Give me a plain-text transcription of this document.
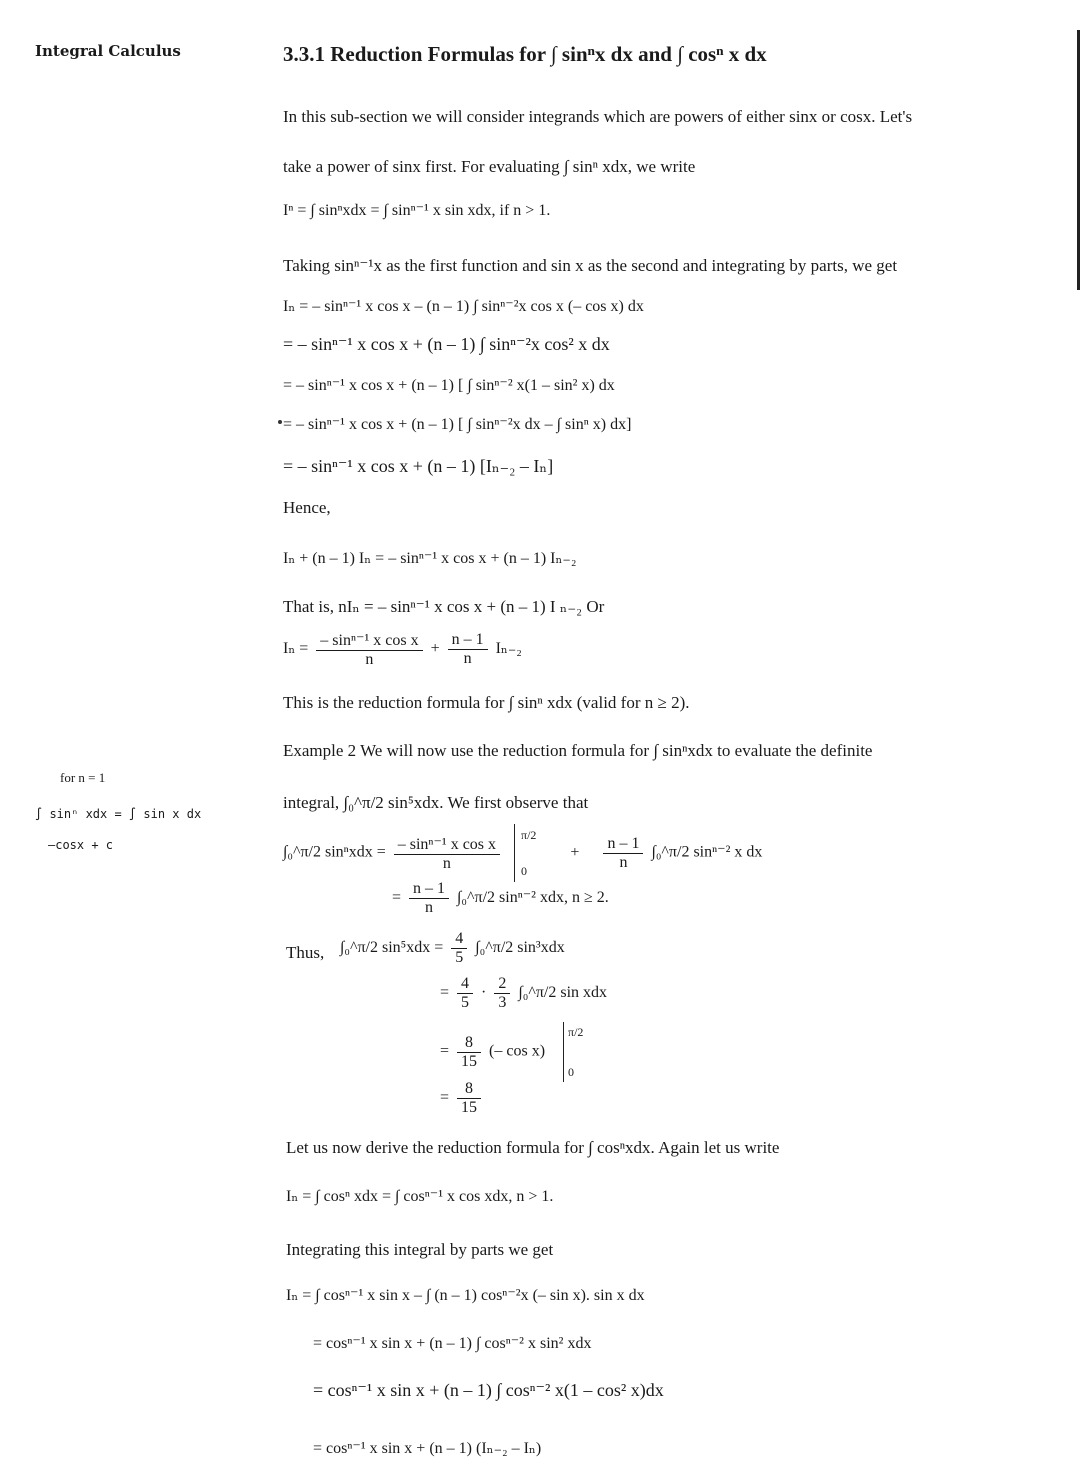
Integral Calculus	3.3.1 Reduction Formulas for ∫ sinⁿx dx and ∫ cosⁿ x dx
In this sub-section we will consider integrands which are powers of either sinx or cosx. Let's
take a power of sinx first. For evaluating ∫ sinⁿ xdx, we write
Iⁿ = ∫ sinⁿxdx = ∫ sinⁿ⁻¹ x sin xdx, if n > 1.
Taking sinⁿ⁻¹x as the first function and sin x as the second and integrating by parts, we get
Iₙ = – sinⁿ⁻¹ x cos x – (n – 1) ∫ sinⁿ⁻²x cos x (– cos x) dx
= – sinⁿ⁻¹ x cos x + (n – 1) ∫ sinⁿ⁻²x cos² x dx
= – sinⁿ⁻¹ x cos x + (n – 1) [ ∫ sinⁿ⁻² x(1 – sin² x) dx
= – sinⁿ⁻¹ x cos x + (n – 1) [ ∫ sinⁿ⁻²x dx – ∫ sinⁿ x) dx]
= – sinⁿ⁻¹ x cos x + (n – 1) [Iₙ₋₂ – Iₙ]
Hence,
Iₙ + (n – 1) Iₙ = – sinⁿ⁻¹ x cos x + (n – 1) Iₙ₋₂
That is, nIₙ = – sinⁿ⁻¹ x cos x + (n – 1) I ₙ₋₂ Or
$I_n = \frac{\text{– sinⁿ⁻¹ x cos x}}{n} + \frac{n - 1}{n} I_{n-2}$
This is the reduction formula for ∫ sinⁿ xdx (valid for n ≥ 2).
Example 2 We will now use the reduction formula for ∫ sinⁿxdx to evaluate the definite
integral, ∫₀^π/2 sin⁵xdx. We first observe that
∫₀^π/2 $\sin^nxdx = \frac{\text{– sinⁿ⁻¹ x cos x}}{n}$
π/2
0
+ $\frac{n - 1}{n}$ ∫₀^π/2 sinⁿ⁻² x dx
= $\frac{n - 1}{n}$ ∫₀^π/2 sinⁿ⁻² xdx, n ≥ 2.
Thus, ∫₀^π/2 $\sin^5xdx = \frac{4}{5}$ ∫₀^π/2 sin³xdx
= $\frac{4}{5} \cdot \frac{2}{3}$ ∫₀^π/2 sin xdx
= $\frac{8}{15}$ (– cos x)
π/2
0
= $\frac{8}{15}$
Let us now derive the reduction formula for ∫ cosⁿxdx. Again let us write
Iₙ = ∫ cosⁿ xdx = ∫ cosⁿ⁻¹ x cos xdx, n > 1.
Integrating this integral by parts we get
Iₙ = ∫ cosⁿ⁻¹ x sin x – ∫ (n – 1) cosⁿ⁻²x (– sin x). sin x dx
= cosⁿ⁻¹ x sin x + (n – 1) ∫ cosⁿ⁻² x sin² xdx
= cosⁿ⁻¹ x sin x + (n – 1) ∫ cosⁿ⁻² x(1 – cos² x)dx
= cosⁿ⁻¹ x sin x + (n – 1) (Iₙ₋₂ – Iₙ)
for n = 1
∫ sinⁿ xdx = ∫ sin x dx
–cosx + c
